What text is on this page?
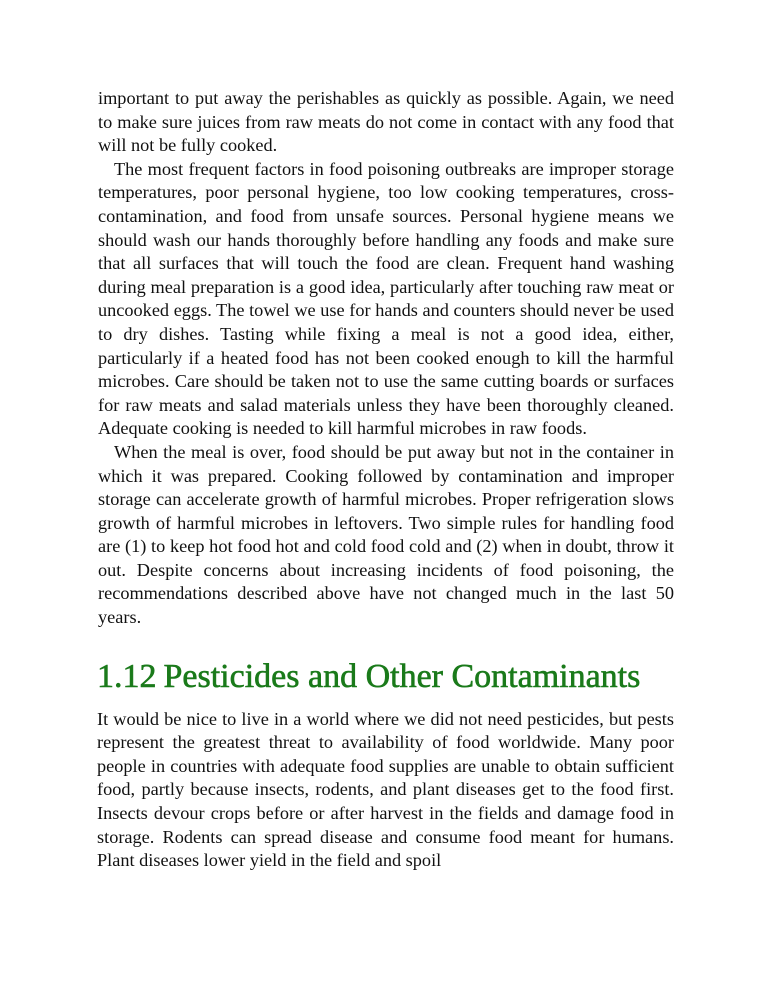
important to put away the perishables as quickly as possible. Again, we need to make sure juices from raw meats do not come in contact with any food that will not be fully cooked.

The most frequent factors in food poisoning outbreaks are improper storage temperatures, poor personal hygiene, too low cooking temperatures, cross-contamination, and food from unsafe sources. Personal hygiene means we should wash our hands thoroughly before handling any foods and make sure that all surfaces that will touch the food are clean. Frequent hand washing during meal preparation is a good idea, particularly after touching raw meat or uncooked eggs. The towel we use for hands and counters should never be used to dry dishes. Tasting while fixing a meal is not a good idea, either, particularly if a heated food has not been cooked enough to kill the harmful microbes. Care should be taken not to use the same cutting boards or surfaces for raw meats and salad materials unless they have been thoroughly cleaned. Adequate cooking is needed to kill harmful microbes in raw foods.

When the meal is over, food should be put away but not in the container in which it was prepared. Cooking followed by contamination and improper storage can accelerate growth of harmful microbes. Proper refrigeration slows growth of harmful microbes in leftovers. Two simple rules for handling food are (1) to keep hot food hot and cold food cold and (2) when in doubt, throw it out. Despite concerns about increasing incidents of food poisoning, the recommendations described above have not changed much in the last 50 years.

1.12 Pesticides and Other Contaminants

It would be nice to live in a world where we did not need pesticides, but pests represent the greatest threat to availability of food worldwide. Many poor people in countries with adequate food supplies are unable to obtain sufficient food, partly because insects, rodents, and plant diseases get to the food first. Insects devour crops before or after harvest in the fields and damage food in storage. Rodents can spread disease and consume food meant for humans. Plant diseases lower yield in the field and spoil
